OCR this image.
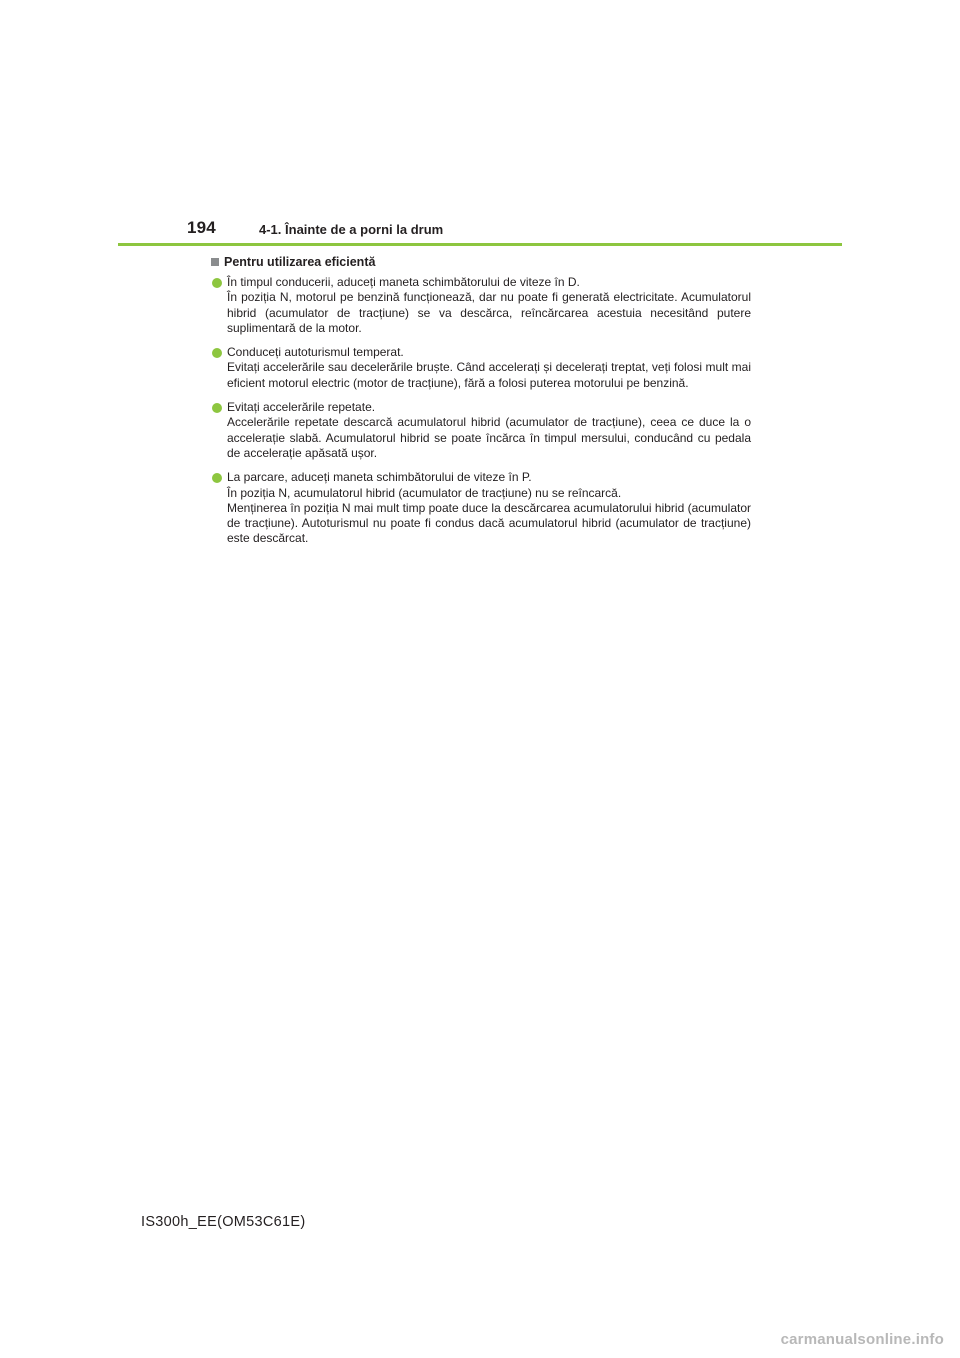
194	4-1. Înainte de a porni la drum
Pentru utilizarea eficientă

În timpul conducerii, aduceți maneta schimbătorului de viteze în D.

În poziția N, motorul pe benzină funcționează, dar nu poate fi generată electricitate. Acumulatorul hibrid (acumulator de tracțiune) se va descărca, reîncărcarea acestuia necesitând putere suplimentară de la motor.

Conduceți autoturismul temperat.

Evitați accelerările sau decelerările bruște. Când accelerați și decelerați treptat, veți folosi mult mai eficient motorul electric (motor de tracțiune), fără a folosi puterea motorului pe benzină.

Evitați accelerările repetate.

Accelerările repetate descarcă acumulatorul hibrid (acumulator de tracțiune), ceea ce duce la o accelerație slabă. Acumulatorul hibrid se poate încărca în timpul mersului, conducând cu pedala de accelerație apăsată ușor.

La parcare, aduceți maneta schimbătorului de viteze în P.

În poziția N, acumulatorul hibrid (acumulator de tracțiune) nu se reîncarcă.

Menținerea în poziția N mai mult timp poate duce la descărcarea acumulatorului hibrid (acumulator de tracțiune). Autoturismul nu poate fi condus dacă acumulatorul hibrid (acumulator de tracțiune) este descărcat.

IS300h_EE(OM53C61E)
carmanualsonline.info
